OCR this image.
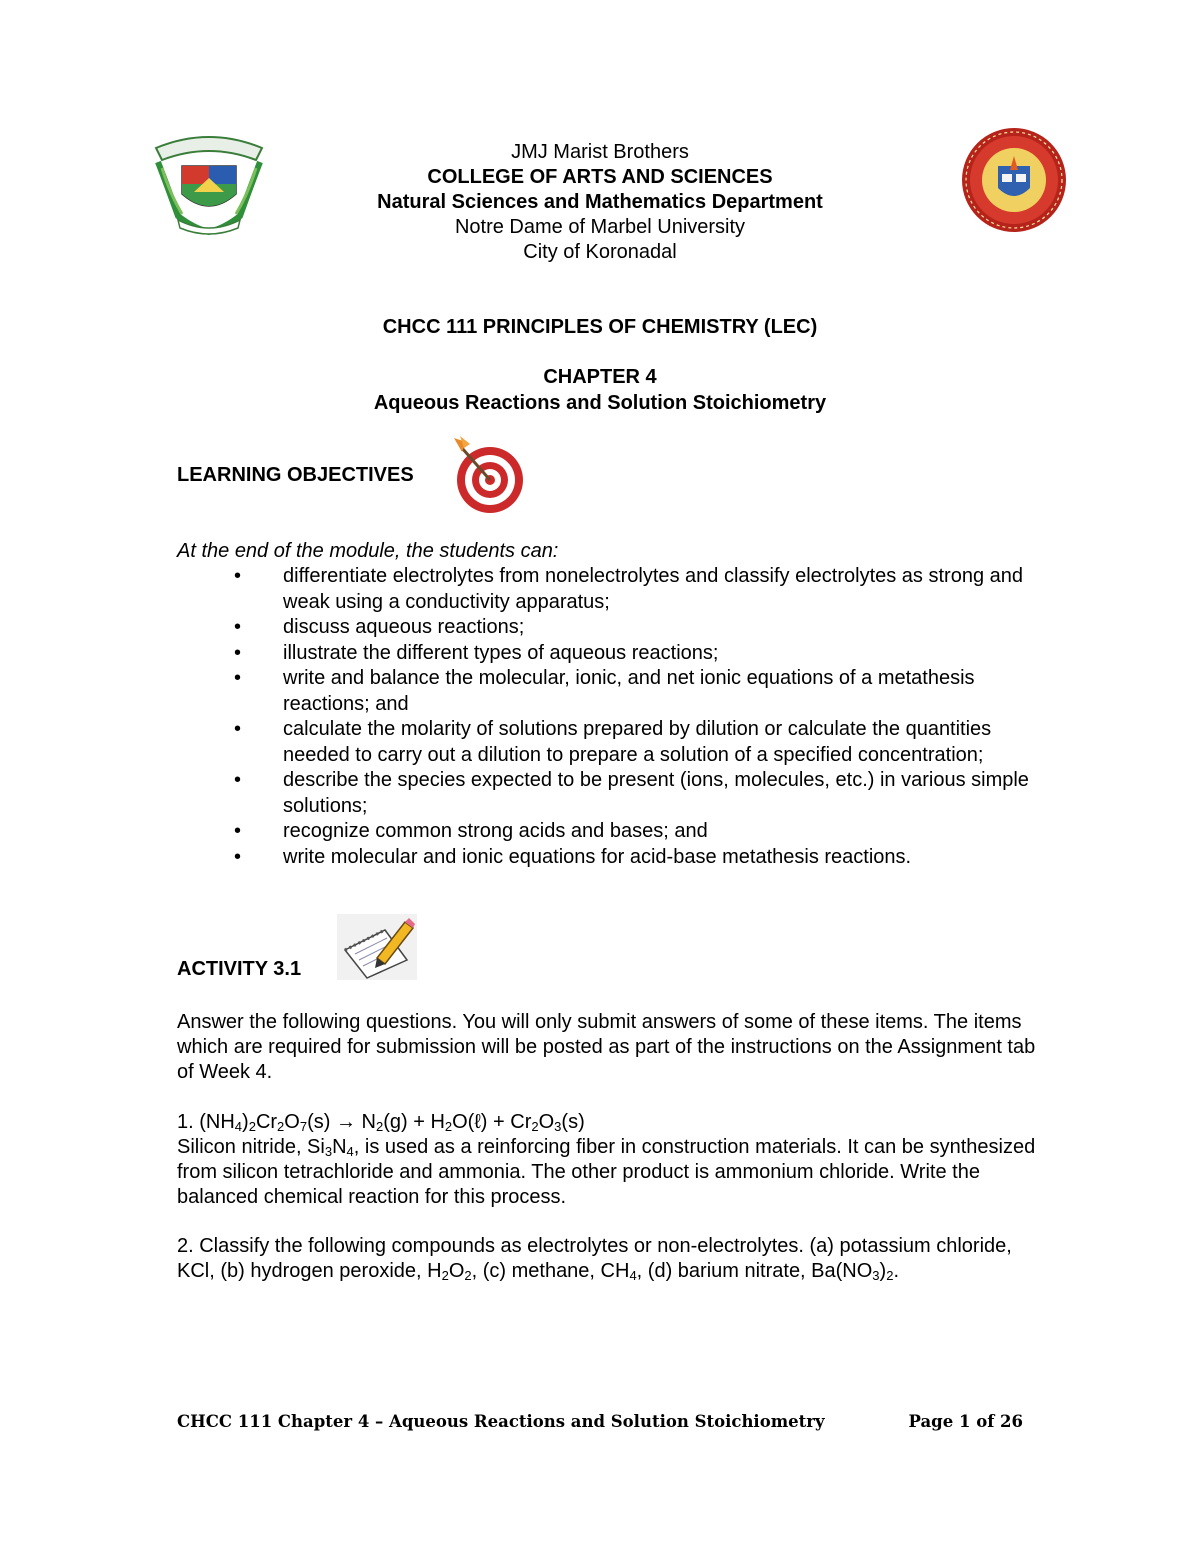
JMJ Marist Brothers
COLLEGE OF ARTS AND SCIENCES
Natural Sciences and Mathematics Department
Notre Dame of Marbel University
City of Koronadal
CHCC 111 PRINCIPLES OF CHEMISTRY (LEC)
CHAPTER 4
Aqueous Reactions and Solution Stoichiometry
LEARNING OBJECTIVES
At the end of the module, the students can:
• differentiate electrolytes from nonelectrolytes and classify electrolytes as strong and weak using a conductivity apparatus;
• discuss aqueous reactions;
• illustrate the different types of aqueous reactions;
• write and balance the molecular, ionic, and net ionic equations of a metathesis reactions; and
• calculate the molarity of solutions prepared by dilution or calculate the quantities needed to carry out a dilution to prepare a solution of a specified concentration;
• describe the species expected to be present (ions, molecules, etc.) in various simple solutions;
• recognize common strong acids and bases; and
• write molecular and ionic equations for acid-base metathesis reactions.
ACTIVITY 3.1
Answer the following questions. You will only submit answers of some of these items. The items which are required for submission will be posted as part of the instructions on the Assignment tab of Week 4.
1. $(NH_4)_2Cr_2O_7(s) \to N_2(g)$ + $H_2O(\ell) + Cr_2O_3(s)$
Silicon nitride, $Si_3N_4$, is used as a reinforcing fiber in construction materials. It can be synthesized from silicon tetrachloride and ammonia. The other product is ammonium chloride. Write the balanced chemical reaction for this process.
2. Classify the following compounds as electrolytes or non-electrolytes. (a) potassium chloride, KCl, (b) hydrogen peroxide, $H_2O_2$, (c) methane, $CH_4$, (d) barium nitrate, $Ba(NO_3)_2$.
CHCC 111 Chapter 4 – Aqueous Reactions and Solution Stoichiometry	Page 1 of 26
